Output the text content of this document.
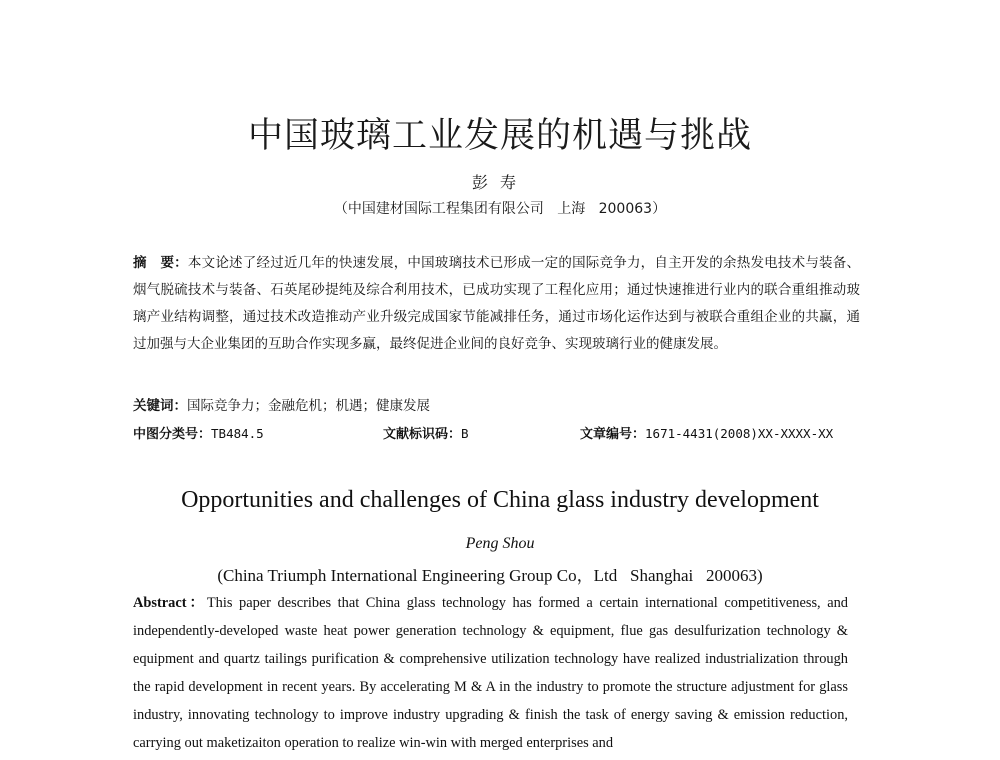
中国玻璃工业发展的机遇与挑战
彭寿
（中国建材国际工程集团有限公司   上海   200063）
摘　要：本文论述了经过近几年的快速发展，中国玻璃技术已形成一定的国际竞争力，自主开发的余热发电技术与装备、烟气脱硫技术与装备、石英尾砂提纯及综合利用技术，已成功实现了工程化应用；通过快速推进行业内的联合重组推动玻璃产业结构调整，通过技术改造推动产业升级完成国家节能减排任务，通过市场化运作达到与被联合重组企业的共赢，通过加强与大企业集团的互助合作实现多赢，最终促进企业间的良好竞争、实现玻璃行业的健康发展。
关键词：国际竞争力；金融危机；机遇；健康发展
中图分类号：TB484.5	文献标识码：B	文章编号：1671-4431(2008)XX-XXXX-XX
Opportunities and challenges of China glass industry development
Peng Shou
(China Triumph International Engineering Group Co，Ltd   Shanghai   200063)
Abstract：This paper describes that China glass technology has formed a certain international competitiveness, and independently-developed waste heat power generation technology & equipment, flue gas desulfurization technology & equipment and quartz tailings purification & comprehensive utilization technology have realized industrialization through the rapid development in recent years. By accelerating M & A in the industry to promote the structure adjustment for glass industry, innovating technology to improve industry upgrading & finish the task of energy saving & emission reduction, carrying out maketizaiton operation to realize win-win with merged enterprises and
